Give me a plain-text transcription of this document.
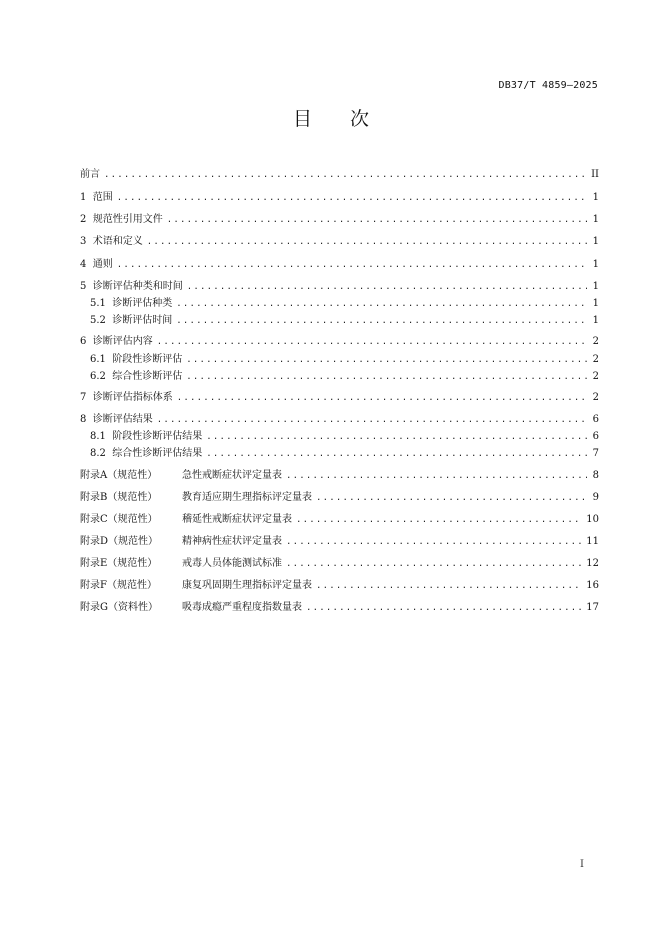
DB37/T 4859—2025
目　　次
前言 .....	II
1 范围 .....	1
2 规范性引用文件 .....	1
3 术语和定义 .....	1
4 通则 .....	1
5 诊断评估种类和时间 .....	1
5.1 诊断评估种类 .....	1
5.2 诊断评估时间 .....	1
6 诊断评估内容 .....	2
6.1 阶段性诊断评估 .....	2
6.2 综合性诊断评估 .....	2
7 诊断评估指标体系 .....	2
8 诊断评估结果 .....	6
8.1 阶段性诊断评估结果 .....	6
8.2 综合性诊断评估结果 .....	7
附录A（规范性）	急性戒断症状评定量表 .....	8
附录B（规范性）	教育适应期生理指标评定量表 .....	9
附录C（规范性）	稽延性戒断症状评定量表 .....	10
附录D（规范性）	精神病性症状评定量表 .....	11
附录E（规范性）	戒毒人员体能测试标准 .....	12
附录F（规范性）	康复巩固期生理指标评定量表 .....	16
附录G（资料性）	吸毒成瘾严重程度指数量表 .....	17
I
